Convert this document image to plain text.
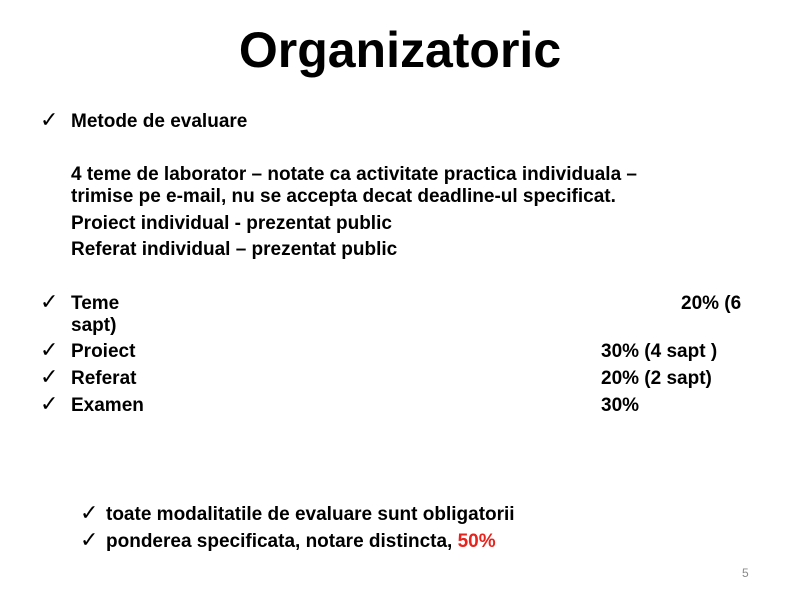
Organizatoric
✓ Metode de evaluare
4 teme de laborator – notate ca activitate practica individuala –
trimise pe e-mail, nu se accepta decat deadline-ul specificat.
Proiect individual - prezentat public
Referat individual – prezentat public
✓ Teme	20% (6
sapt)
✓ Proiect	30% (4 sapt )
✓ Referat	20% (2 sapt)
✓ Examen	30%
✓ toate modalitatile de evaluare sunt obligatorii
✓ ponderea specificata, notare distincta, 50%
5
